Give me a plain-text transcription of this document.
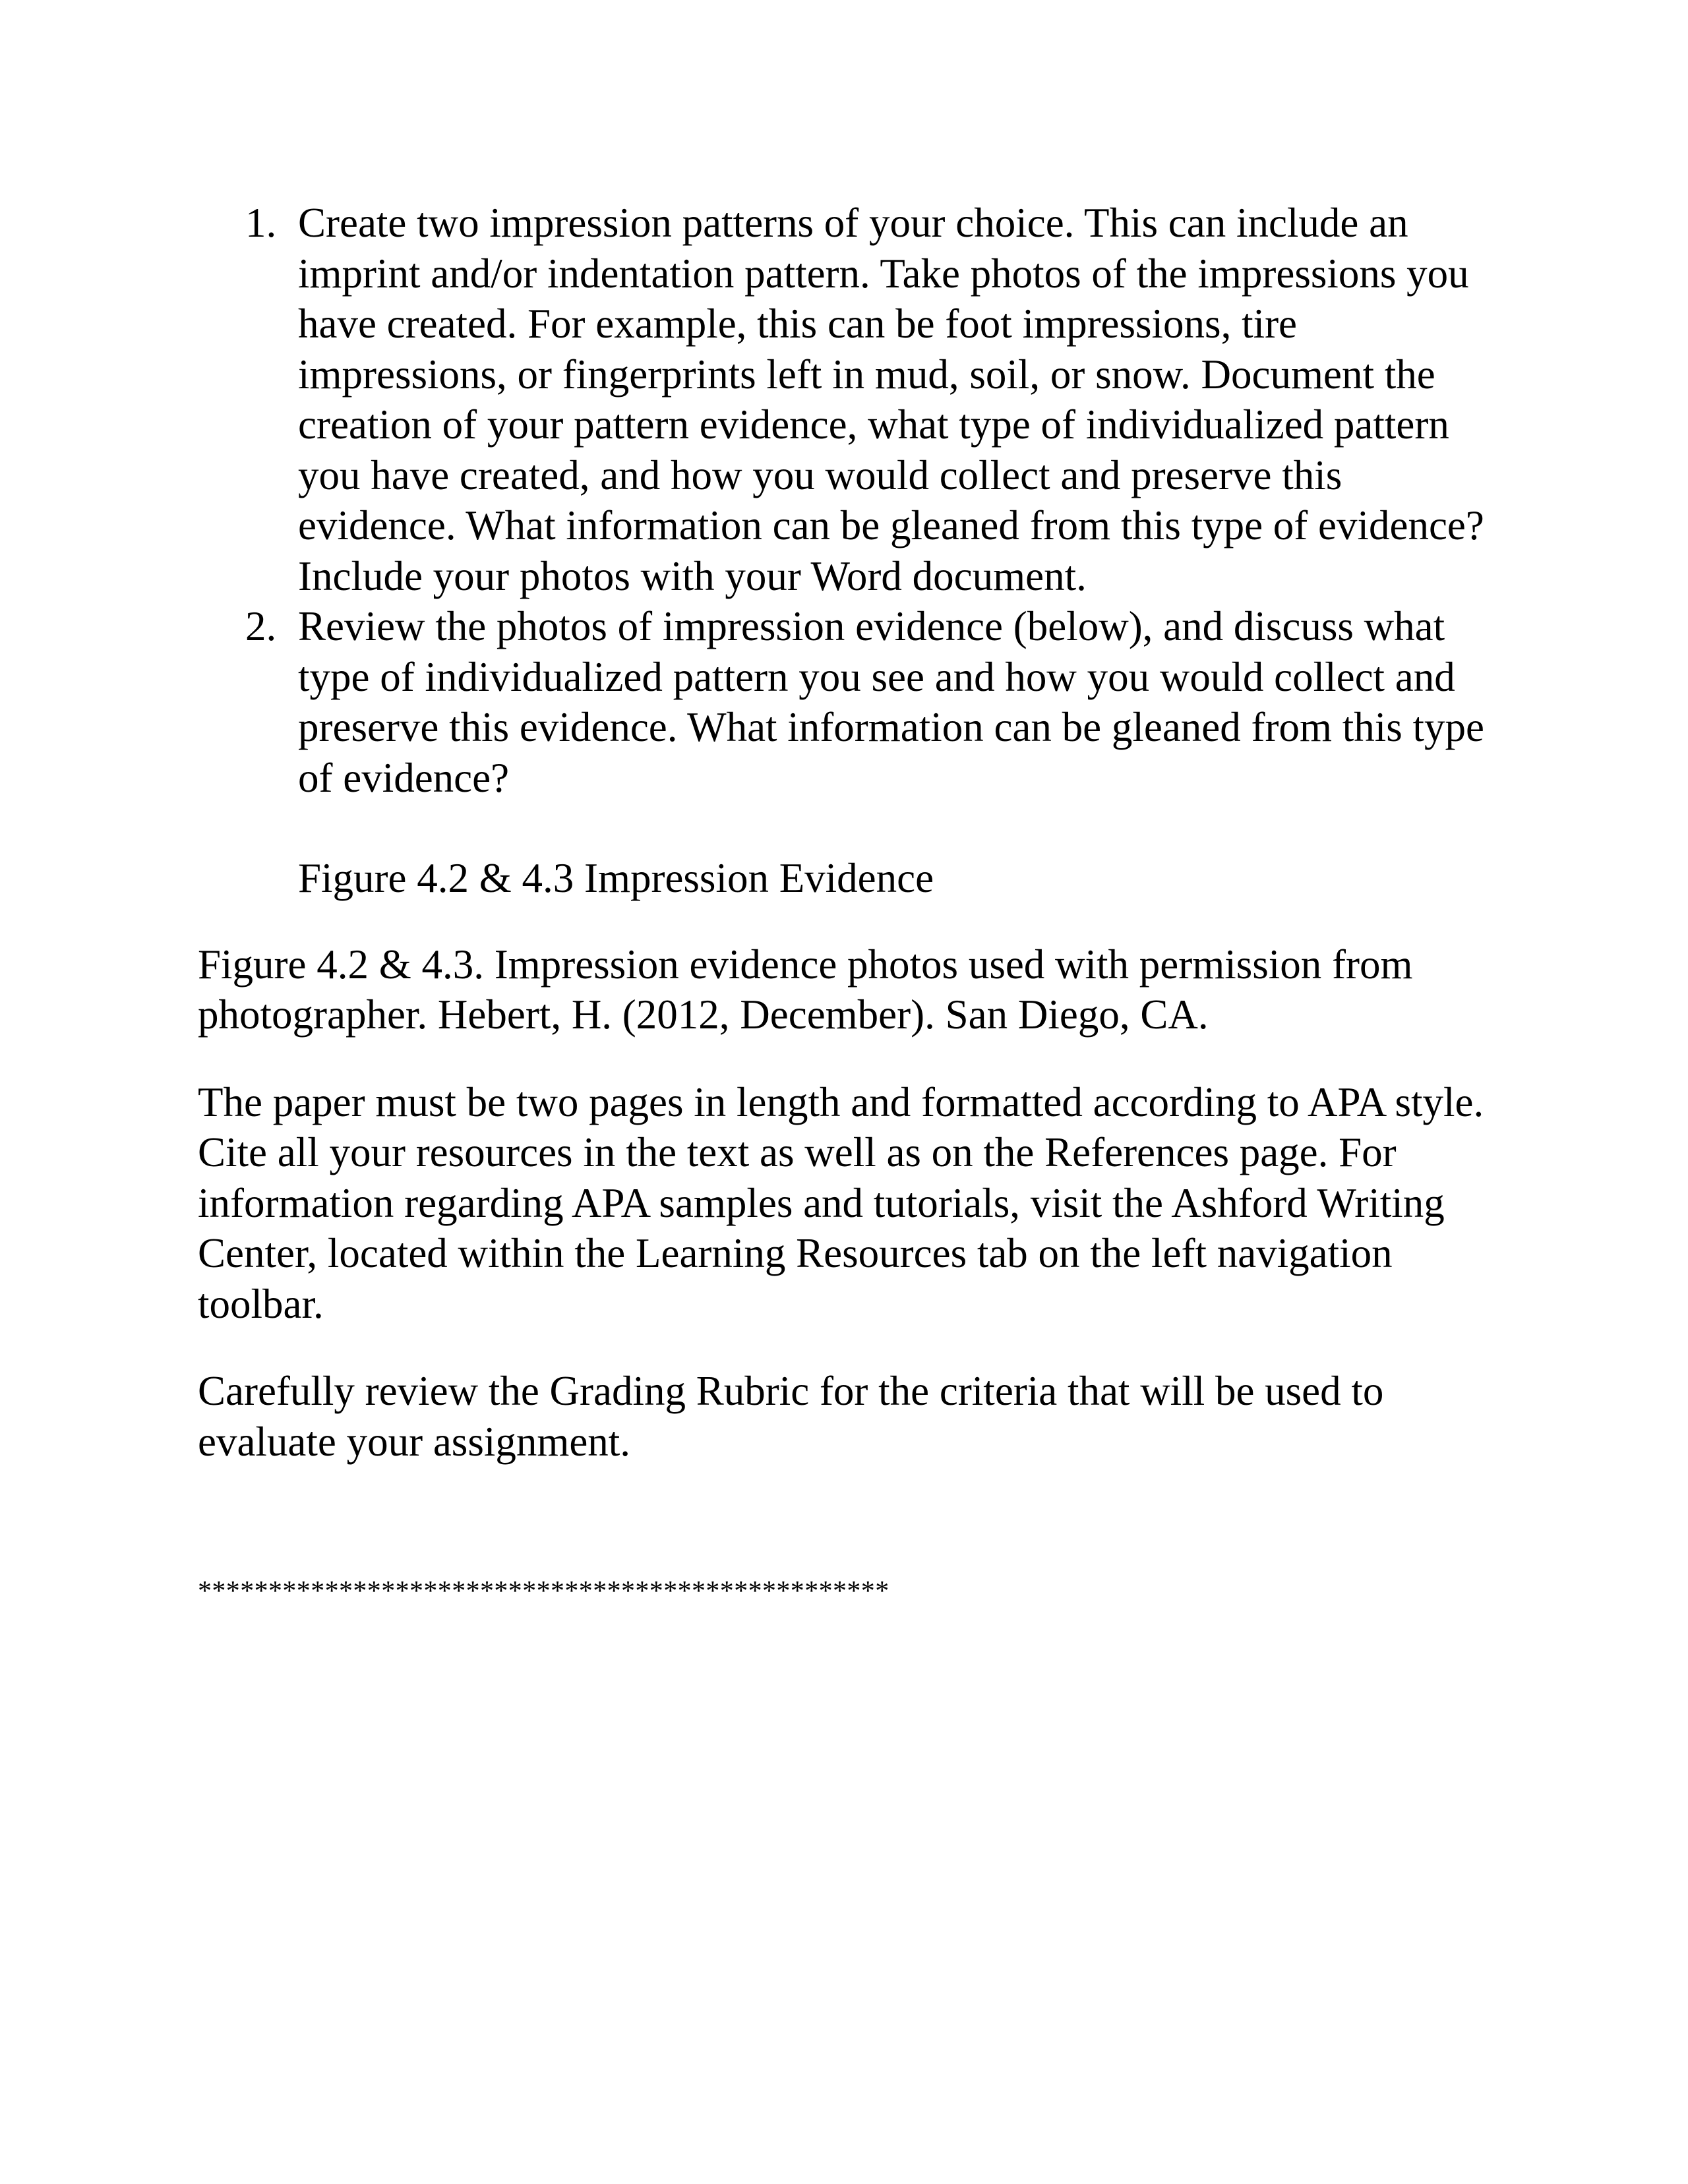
1. Create two impression patterns of your choice. This can include an imprint and/or indentation pattern. Take photos of the impressions you have created. For example, this can be foot impressions, tire impressions, or fingerprints left in mud, soil, or snow. Document the creation of your pattern evidence, what type of individualized pattern you have created, and how you would collect and preserve this evidence. What information can be gleaned from this type of evidence? Include your photos with your Word document.
2. Review the photos of impression evidence (below), and discuss what type of individualized pattern you see and how you would collect and preserve this evidence. What information can be gleaned from this type of evidence?
Figure 4.2 & 4.3 Impression Evidence
Figure 4.2 & 4.3. Impression evidence photos used with permission from photographer. Hebert, H. (2012, December). San Diego, CA.
The paper must be two pages in length and formatted according to APA style. Cite all your resources in the text as well as on the References page. For information regarding APA samples and tutorials, visit the Ashford Writing Center, located within the Learning Resources tab on the left navigation toolbar.
Carefully review the Grading Rubric for the criteria that will be used to evaluate your assignment.
*************************************************
